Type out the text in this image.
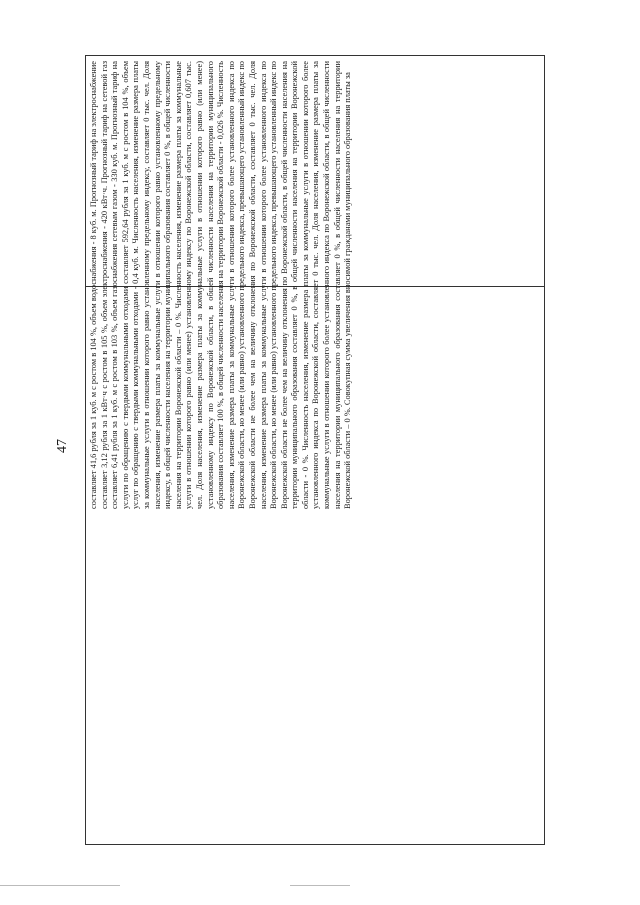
47	составляет 41,6 рубля за 1 куб. м с ростом в 104 %, объем водоснабжения - 8 куб. м. Прогнозный тариф на электроснабжение составляет 3,12 рубля за 1 кВт·ч с ростом в 105 %, объем электроснабжения - 420 кВт·ч. Прогнозный тариф на сетевой газ составляет 6,41 рубля за 1 куб. м с ростом в 103 %, объем газоснабжения сетевым газом - 330 куб. м. Прогнозный тариф на услуги по обращению с твердыми коммунальными отходами составляет 592,64 рубля за 1 куб. м с ростом в 104 %, объем услуг по обращению с твердыми коммунальными отходами - 0,4 куб. м. Численность населения, изменение размера платы за коммунальные услуги в отношении которого равно установленному предельному индексу, составляет 0 тыс. чел. Доля населения, изменение размера платы за коммунальные услуги в отношении которого равно установленному предельному индексу, в общей численности населения на территории муниципального образования составляет 0 %, в общей численности населения на территории Воронежской области – 0 %. Численность населения, изменение размера платы за коммунальные услуги в отношении которого равно (или менее) установленному индексу по Воронежской области, составляет 0,607 тыс. чел. Доля населения, изменение размера платы за коммунальные услуги в отношении которого равно (или менее) установленному индексу по Воронежской области, в общей численности населения на территории муниципального образования составляет 100 %, в общей численности населения на территории Воронежской области - 0,026 %. Численность населения, изменение размера платы за коммунальные услуги в отношении которого более установленного индекса по Воронежской области, но менее (или равно) установленного предельного индекса, превышающего установленный индекс по Воронежской области не более чем на величину отклонения по Воронежской области, составляет 0 тыс. чел. Доля населения, изменение размера платы за коммунальные услуги в отношении которого более установленного индекса по Воронежской области, но менее (или равно) установленного предельного индекса, превышающего установленный индекс по Воронежской области не более чем на величину отклонения по Воронежской области, в общей численности населения на территории муниципального образования составляет 0 %, в общей численности населения на территории Воронежской области - 0 %. Численность населения, изменение размера платы за коммунальные услуги в отношении которого более установленного индекса по Воронежской области, составляет 0 тыс. чел. Доля населения, изменение размера платы за коммунальные услуги в отношении которого более установленного индекса по Воронежской области, в общей численности населения на территории муниципального образования составляет 0 %, в общей численности населения на территории Воронежской области – 0 %. Совокупная сумма увеличения вносимой гражданами муниципального образования платы за
